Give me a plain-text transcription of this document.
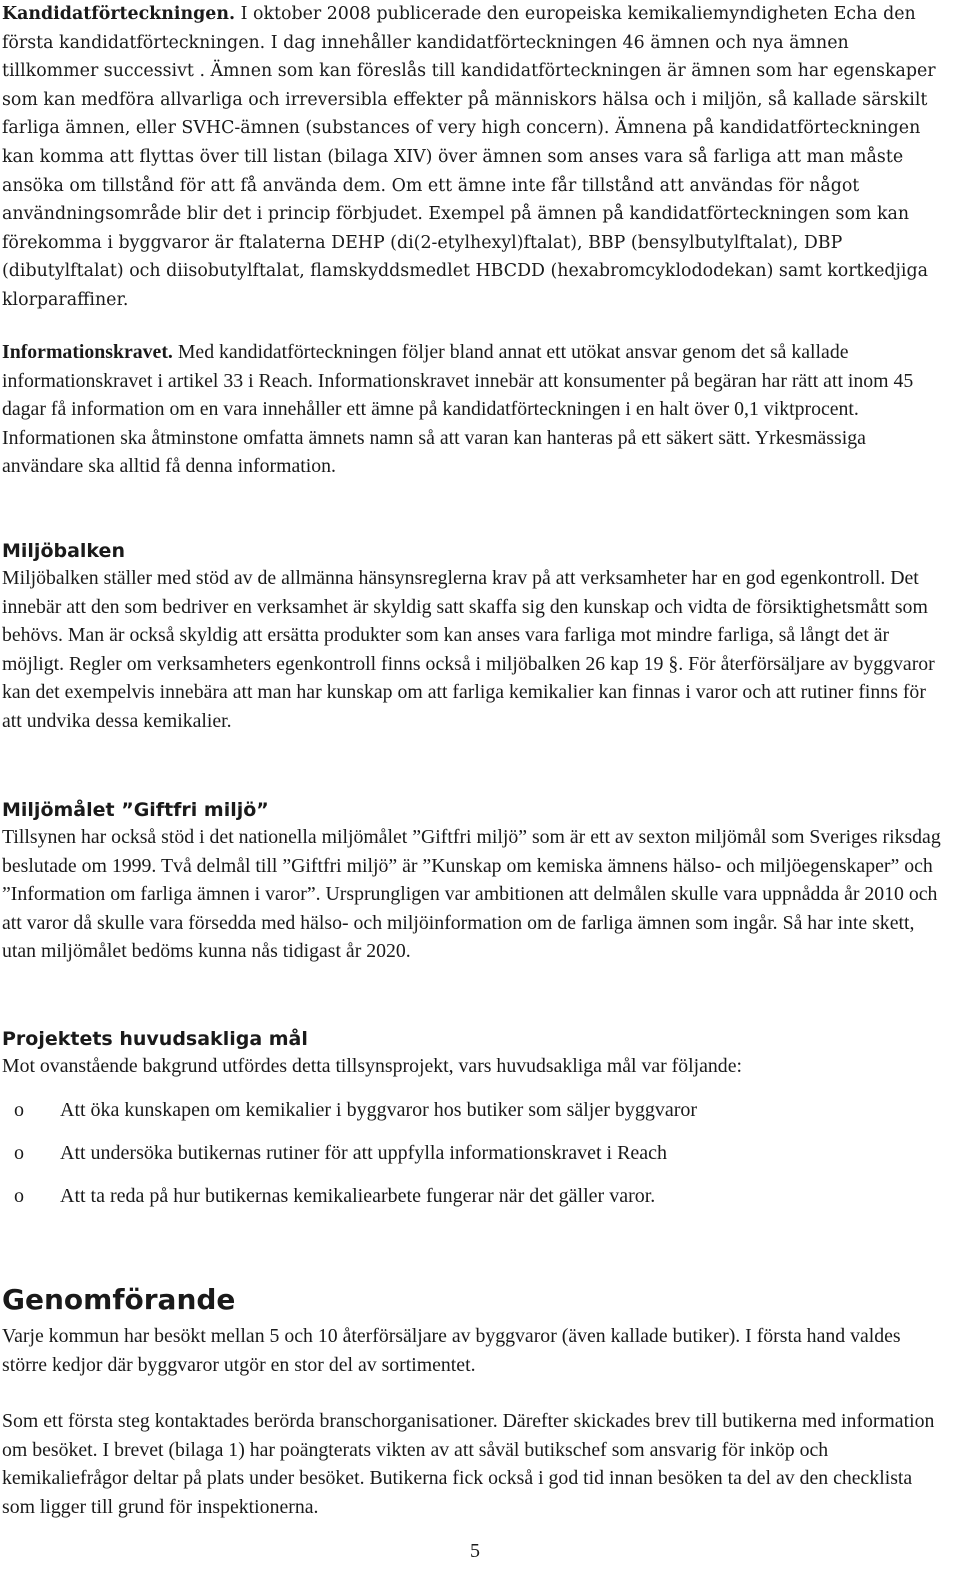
Kandidatförteckningen. I oktober 2008 publicerade den europeiska kemikaliemyndigheten Echa den första kandidatförteckningen. I dag innehåller kandidatförteckningen 46 ämnen och nya ämnen tillkommer successivt . Ämnen som kan föreslås till kandidatförteckningen är ämnen som har egenskaper som kan medföra allvarliga och irreversibla effekter på människors hälsa och i miljön, så kallade särskilt farliga ämnen, eller SVHC-ämnen (substances of very high concern). Ämnena på kandidatförteckningen kan komma att flyttas över till listan (bilaga XIV) över ämnen som anses vara så farliga att man måste ansöka om tillstånd för att få använda dem. Om ett ämne inte får tillstånd att användas för något användningsområde blir det i princip förbjudet. Exempel på ämnen på kandidatförteckningen som kan förekomma i byggvaror är ftalaterna DEHP (di(2-etylhexyl)ftalat), BBP (bensylbutylftalat), DBP (dibutylftalat) och diisobutylftalat, flamskyddsmedlet HBCDD (hexabromcyklododekan) samt kortkedjiga klorparaffiner.

Informationskravet. Med kandidatförteckningen följer bland annat ett utökat ansvar genom det så kallade informationskravet i artikel 33 i Reach. Informationskravet innebär att konsumenter på begäran har rätt att inom 45 dagar få information om en vara innehåller ett ämne på kandidatförteckningen i en halt över 0,1 viktprocent. Informationen ska åtminstone omfatta ämnets namn så att varan kan hanteras på ett säkert sätt. Yrkesmässiga användare ska alltid få denna information.

Miljöbalken

Miljöbalken ställer med stöd av de allmänna hänsynsreglerna krav på att verksamheter har en god egenkontroll. Det innebär att den som bedriver en verksamhet är skyldig satt skaffa sig den kunskap och vidta de försiktighetsmått som behövs. Man är också skyldig att ersätta produkter som kan anses vara farliga mot mindre farliga, så långt det är möjligt. Regler om verksamheters egenkontroll finns också i miljöbalken 26 kap 19 §. För återförsäljare av byggvaror kan det exempelvis innebära att man har kunskap om att farliga kemikalier kan finnas i varor och att rutiner finns för att undvika dessa kemikalier.

Miljömålet ”Giftfri miljö”

Tillsynen har också stöd i det nationella miljömålet ”Giftfri miljö” som är ett av sexton miljömål som Sveriges riksdag beslutade om 1999. Två delmål till ”Giftfri miljö” är ”Kunskap om kemiska ämnens hälso- och miljöegenskaper” och ”Information om farliga ämnen i varor”. Ursprungligen var ambitionen att delmålen skulle vara uppnådda år 2010 och att varor då skulle vara försedda med hälso- och miljöinformation om de farliga ämnen som ingår. Så har inte skett, utan miljömålet bedöms kunna nås tidigast år 2020.

Projektets huvudsakliga mål

Mot ovanstående bakgrund utfördes detta tillsynsprojekt, vars huvudsakliga mål var följande:

o Att öka kunskapen om kemikalier i byggvaror hos butiker som säljer byggvaror
o Att undersöka butikernas rutiner för att uppfylla informationskravet i Reach
o Att ta reda på hur butikernas kemikaliearbete fungerar när det gäller varor.
Genomförande

Varje kommun har besökt mellan 5 och 10 återförsäljare av byggvaror (även kallade butiker). I första hand valdes större kedjor där byggvaror utgör en stor del av sortimentet.

Som ett första steg kontaktades berörda branschorganisationer. Därefter skickades brev till butikerna med information om besöket. I brevet (bilaga 1) har poängterats vikten av att såväl butikschef som ansvarig för inköp och kemikaliefrågor deltar på plats under besöket. Butikerna fick också i god tid innan besöken ta del av den checklista som ligger till grund för inspektionerna.

5
